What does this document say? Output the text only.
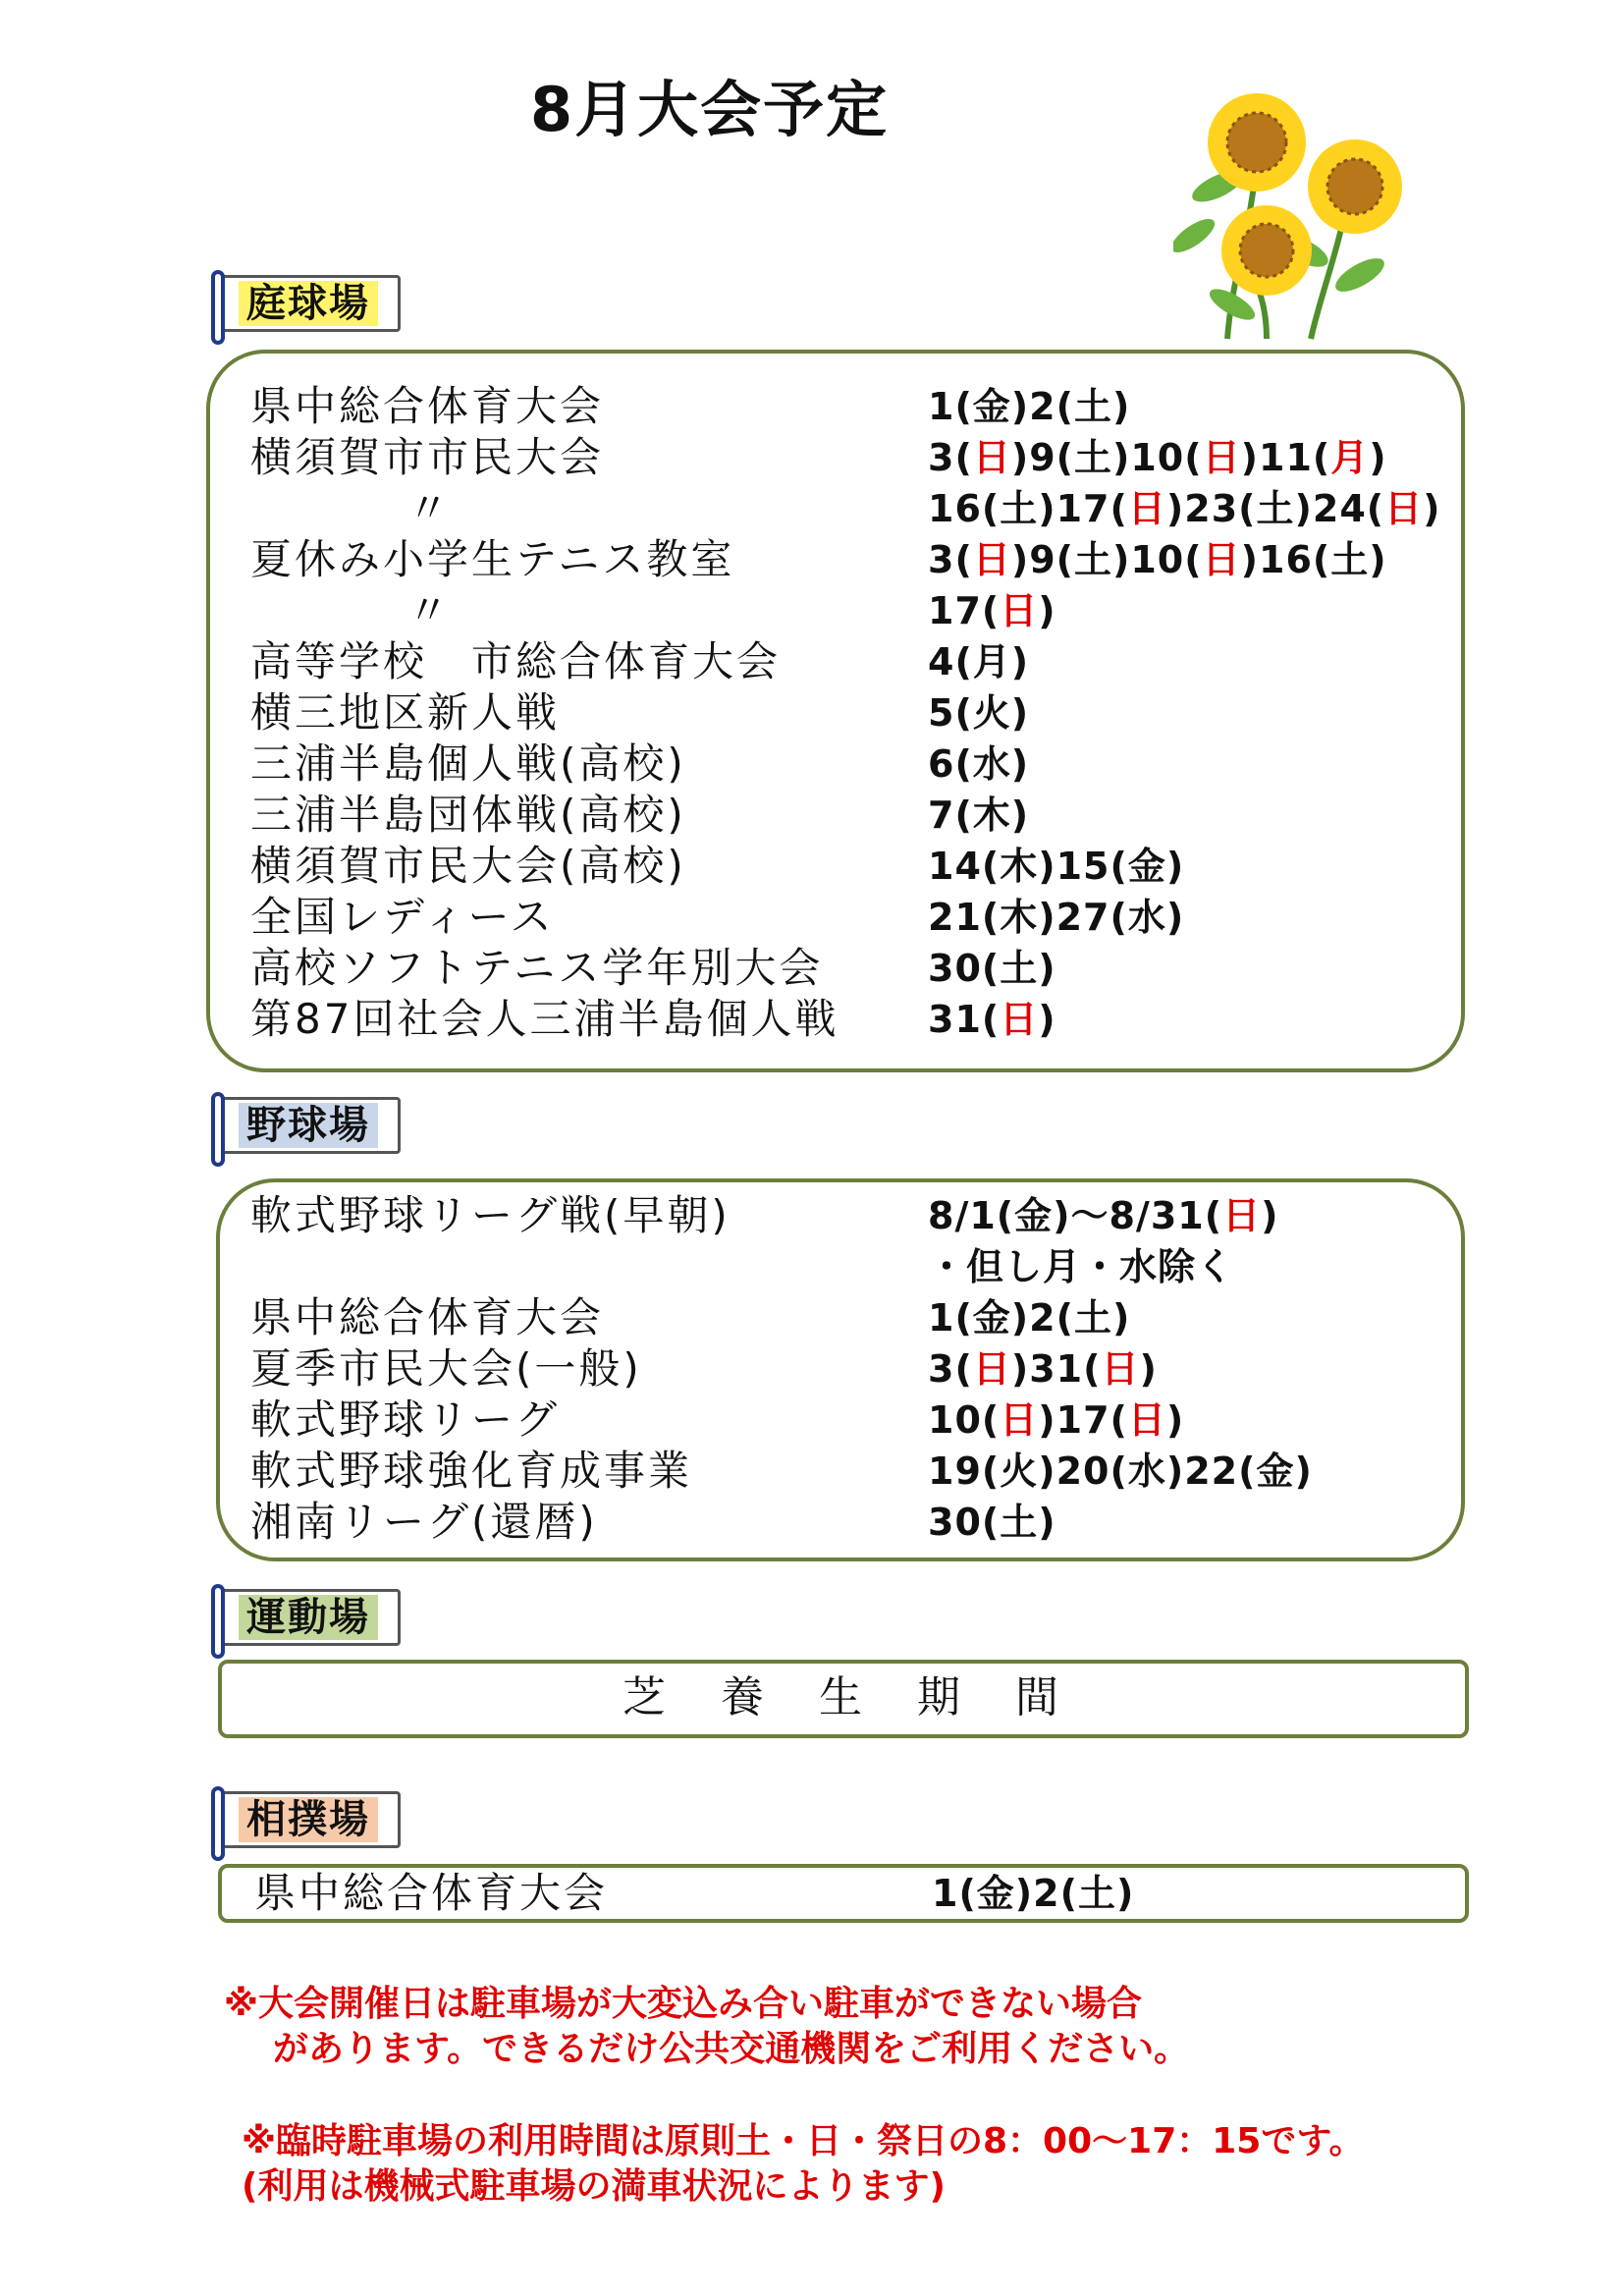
8月大会予定
庭球場
県中総合体育大会	1(金)2(土)
横須賀市市民大会	3(日)9(土)10(日)11(月)
〃	16(土)17(日)23(土)24(日)
夏休み小学生テニス教室	3(日)9(土)10(日)16(土)
〃	17(日)
高等学校　市総合体育大会	4(月)
横三地区新人戦	5(火)
三浦半島個人戦(高校)	6(水)
三浦半島団体戦(高校)	7(木)
横須賀市民大会(高校)	14(木)15(金)
全国レディース	21(木)27(水)
高校ソフトテニス学年別大会	30(土)
第87回社会人三浦半島個人戦 31(日)
野球場
軟式野球リーグ戦(早朝)	8/1(金)～8/31(日)
・但し月・水除く
県中総合体育大会	1(金)2(土)
夏季市民大会(一般)	3(日)31(日)
軟式野球リーグ	10(日)17(日)
軟式野球強化育成事業	19(火)20(水)22(金)
湘南リーグ(還暦)	30(土)
運動場
芝　養　生　期　間
相撲場
県中総合体育大会	1(金)2(土)
※大会開催日は駐車場が大変込み合い駐車ができない場合
があります。できるだけ公共交通機関をご利用ください。
※臨時駐車場の利用時間は原則土・日・祭日の8：00～17：15です。
(利用は機械式駐車場の満車状況によります)
